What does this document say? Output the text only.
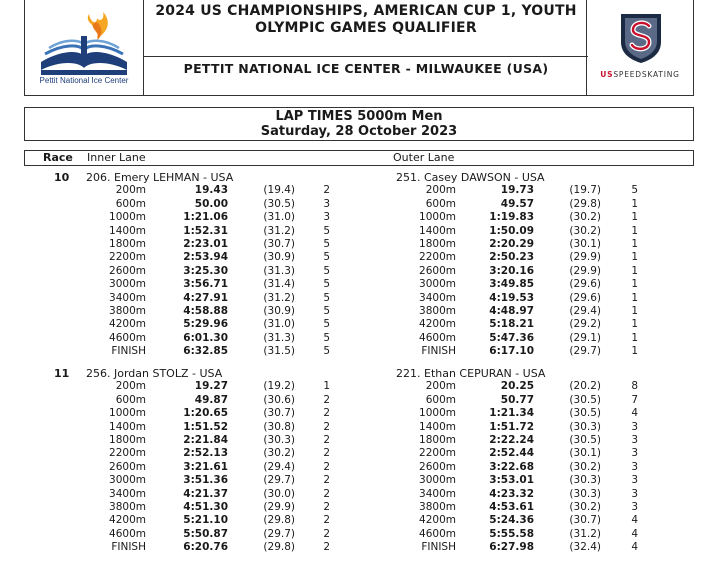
Pettit National Ice Center
2024 US CHAMPIONSHIPS, AMERICAN CUP 1, YOUTH
OLYMPIC GAMES QUALIFIER
PETTIT NATIONAL ICE CENTER - MILWAUKEE (USA)	USSPEEDSKATING
LAP TIMES 5000m Men
Saturday, 28 October 2023
Race Inner Lane	Outer Lane
10 206. Emery LEHMAN - USA	251. Casey DAWSON - USA
200m	19.43	(19.4)	2	200m	19.73	(19.7)	5
600m	50.00	(30.5)	3	600m	49.57	(29.8)	1
1000m	1:21.06	(31.0)	3	1000m	1:19.83	(30.2)	1
1400m	1:52.31	(31.2)	5	1400m	1:50.09	(30.2)	1
1800m	2:23.01	(30.7)	5	1800m	2:20.29	(30.1)	1
2200m	2:53.94	(30.9)	5	2200m	2:50.23	(29.9)	1
2600m	3:25.30	(31.3)	5	2600m	3:20.16	(29.9)	1
3000m	3:56.71	(31.4)	5	3000m	3:49.85	(29.6)	1
3400m	4:27.91	(31.2)	5	3400m	4:19.53	(29.6)	1
3800m	4:58.88	(30.9)	5	3800m	4:48.97	(29.4)	1
4200m	5:29.96	(31.0)	5	4200m	5:18.21	(29.2)	1
4600m	6:01.30	(31.3)	5	4600m	5:47.36	(29.1)	1
FINISH	6:32.85	(31.5)	5	FINISH	6:17.10	(29.7)	1
11 256. Jordan STOLZ - USA	221. Ethan CEPURAN - USA
200m	19.27	(19.2)	1	200m	20.25	(20.2)	8
600m	49.87	(30.6)	2	600m	50.77	(30.5)	7
1000m	1:20.65	(30.7)	2	1000m	1:21.34	(30.5)	4
1400m	1:51.52	(30.8)	2	1400m	1:51.72	(30.3)	3
1800m	2:21.84	(30.3)	2	1800m	2:22.24	(30.5)	3
2200m	2:52.13	(30.2)	2	2200m	2:52.44	(30.1)	3
2600m	3:21.61	(29.4)	2	2600m	3:22.68	(30.2)	3
3000m	3:51.36	(29.7)	2	3000m	3:53.01	(30.3)	3
3400m	4:21.37	(30.0)	2	3400m	4:23.32	(30.3)	3
3800m	4:51.30	(29.9)	2	3800m	4:53.61	(30.2)	3
4200m	5:21.10	(29.8)	2	4200m	5:24.36	(30.7)	4
4600m	5:50.87	(29.7)	2	4600m	5:55.58	(31.2)	4
FINISH	6:20.76	(29.8)	2	FINISH	6:27.98	(32.4)	4
